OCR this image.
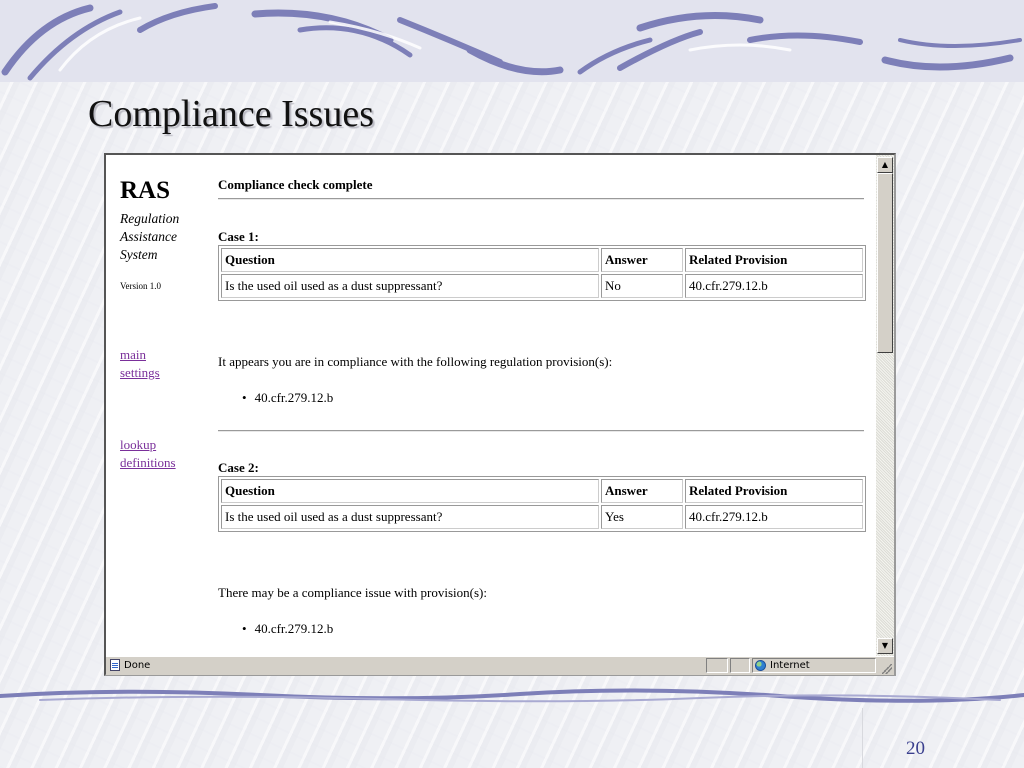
Compliance Issues
RAS
Regulation
Assistance
System
Version 1.0
main
settings
lookup
definitions
Compliance check complete
Case 1:
Question	Answer	Related Provision
Is the used oil used as a dust suppressant?	No	40.cfr.279.12.b
It appears you are in compliance with the following regulation provision(s):
• 40.cfr.279.12.b
Case 2:
Question	Answer	Related Provision
Is the used oil used as a dust suppressant?	Yes	40.cfr.279.12.b
There may be a compliance issue with provision(s):
• 40.cfr.279.12.b
▲
▼
Done	Internet
20
